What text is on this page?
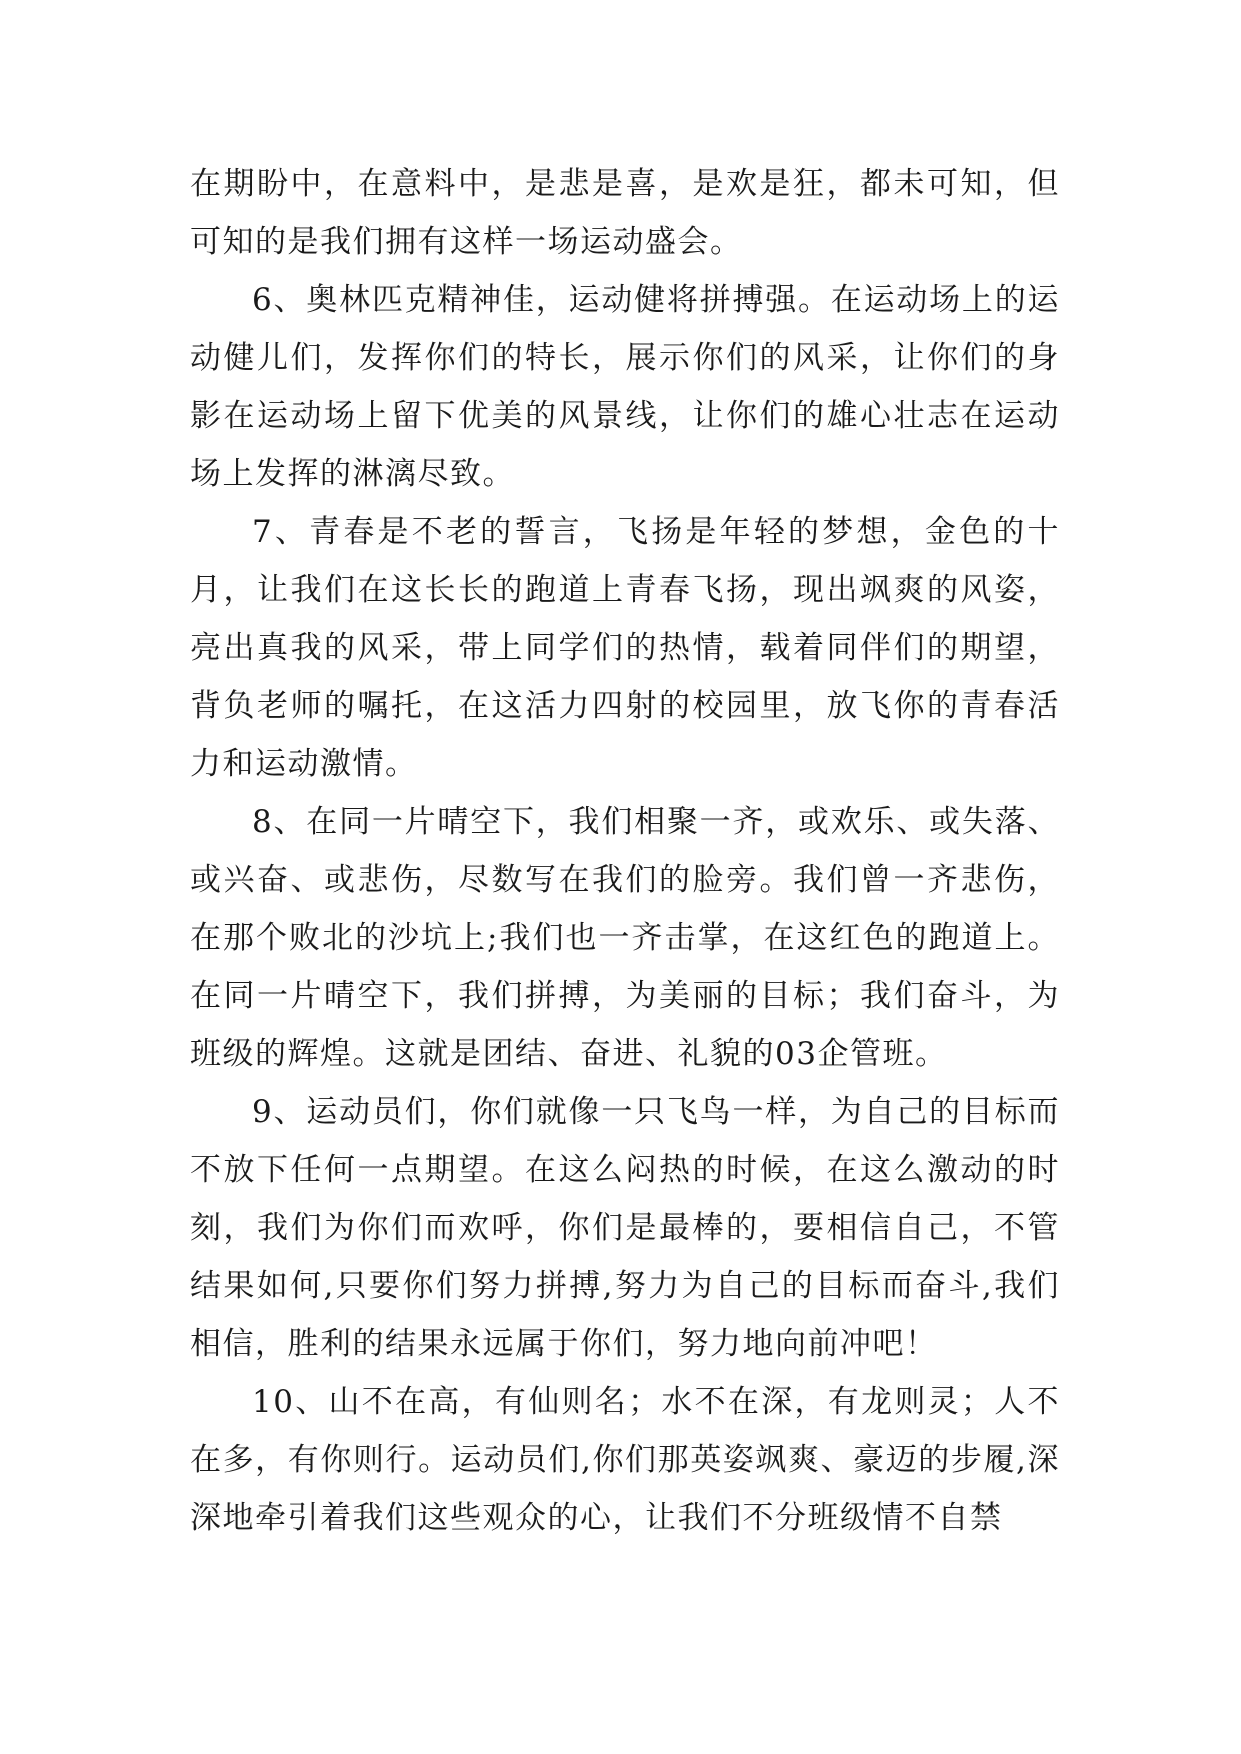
在期盼中，在意料中，是悲是喜，是欢是狂，都未可知，但可知的是我们拥有这样一场运动盛会。

6、奥林匹克精神佳，运动健将拼搏强。在运动场上的运动健儿们，发挥你们的特长，展示你们的风采，让你们的身影在运动场上留下优美的风景线，让你们的雄心壮志在运动场上发挥的淋漓尽致。

7、青春是不老的誓言，飞扬是年轻的梦想，金色的十月，让我们在这长长的跑道上青春飞扬，现出飒爽的风姿，亮出真我的风采，带上同学们的热情，载着同伴们的期望，背负老师的嘱托，在这活力四射的校园里，放飞你的青春活力和运动激情。

8、在同一片晴空下，我们相聚一齐，或欢乐、或失落、或兴奋、或悲伤，尽数写在我们的脸旁。我们曾一齐悲伤，在那个败北的沙坑上;我们也一齐击掌，在这红色的跑道上。在同一片晴空下，我们拼搏，为美丽的目标；我们奋斗，为班级的辉煌。这就是团结、奋进、礼貌的03企管班。

9、运动员们，你们就像一只飞鸟一样，为自己的目标而不放下任何一点期望。在这么闷热的时候，在这么激动的时刻，我们为你们而欢呼，你们是最棒的，要相信自己，不管结果如何,只要你们努力拼搏,努力为自己的目标而奋斗,我们相信，胜利的结果永远属于你们，努力地向前冲吧！

10、山不在高，有仙则名；水不在深，有龙则灵；人不在多，有你则行。运动员们,你们那英姿飒爽、豪迈的步履,深深地牵引着我们这些观众的心，让我们不分班级情不自禁
